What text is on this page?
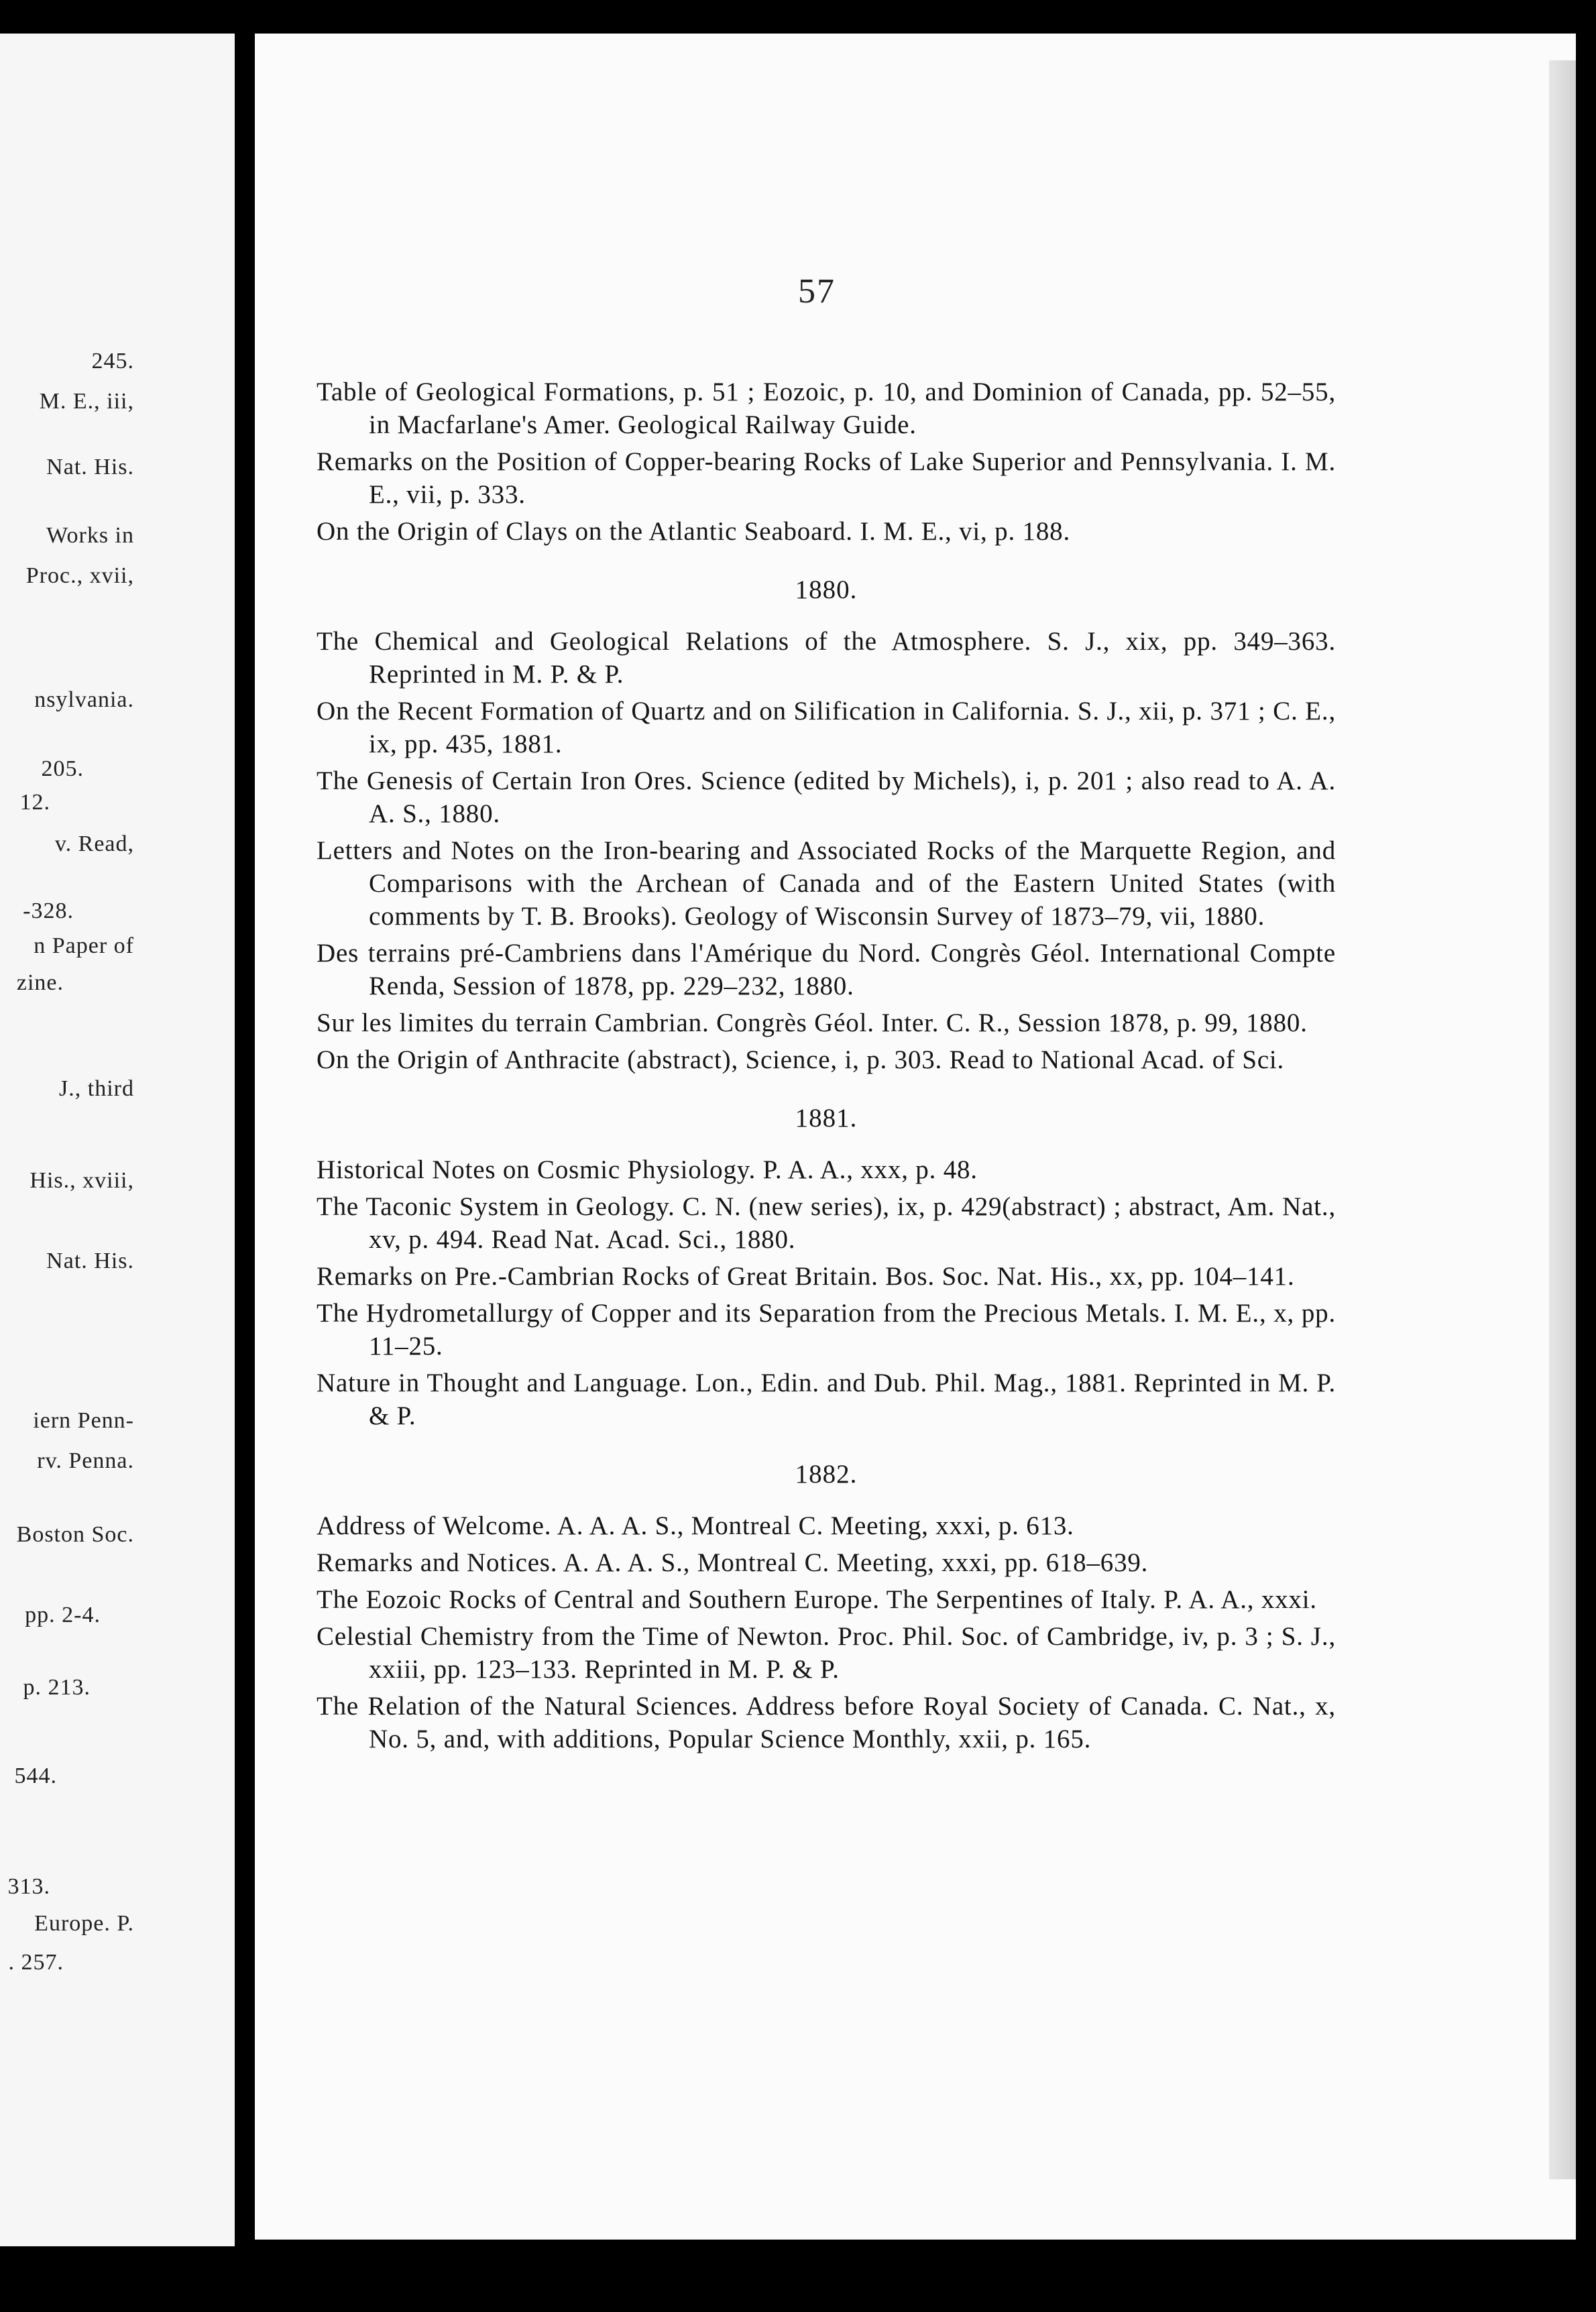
245.
M. E., iii,
Nat. His.
Works in
Proc., xvii,
nsylvania.
205.
12.
v. Read,
-328.
n Paper of
zine.
J., third
His., xviii,
Nat. His.
iern Penn-
rv. Penna.
Boston Soc.
pp. 2-4.
p. 213.
544.
313.
Europe. P.
. 257.
57

Table of Geological Formations, p. 51 ; Eozoic, p. 10, and Dominion of Canada, pp. 52–55, in Macfarlane's Amer. Geological Railway Guide.

Remarks on the Position of Copper-bearing Rocks of Lake Superior and Pennsylvania. I. M. E., vii, p. 333.

On the Origin of Clays on the Atlantic Seaboard. I. M. E., vi, p. 188.

1880.

The Chemical and Geological Relations of the Atmosphere. S. J., xix, pp. 349–363. Reprinted in M. P. & P.

On the Recent Formation of Quartz and on Silification in California. S. J., xii, p. 371 ; C. E., ix, pp. 435, 1881.

The Genesis of Certain Iron Ores. Science (edited by Michels), i, p. 201 ; also read to A. A. A. S., 1880.

Letters and Notes on the Iron-bearing and Associated Rocks of the Marquette Region, and Comparisons with the Archean of Canada and of the Eastern United States (with comments by T. B. Brooks). Geology of Wisconsin Survey of 1873–79, vii, 1880.

Des terrains pré-Cambriens dans l'Amérique du Nord. Congrès Géol. International Compte Renda, Session of 1878, pp. 229–232, 1880.

Sur les limites du terrain Cambrian. Congrès Géol. Inter. C. R., Session 1878, p. 99, 1880.

On the Origin of Anthracite (abstract), Science, i, p. 303. Read to National Acad. of Sci.

1881.

Historical Notes on Cosmic Physiology. P. A. A., xxx, p. 48.

The Taconic System in Geology. C. N. (new series), ix, p. 429(abstract) ; abstract, Am. Nat., xv, p. 494. Read Nat. Acad. Sci., 1880.

Remarks on Pre.-Cambrian Rocks of Great Britain. Bos. Soc. Nat. His., xx, pp. 104–141.

The Hydrometallurgy of Copper and its Separation from the Precious Metals. I. M. E., x, pp. 11–25.

Nature in Thought and Language. Lon., Edin. and Dub. Phil. Mag., 1881. Reprinted in M. P. & P.

1882.

Address of Welcome. A. A. A. S., Montreal C. Meeting, xxxi, p. 613.

Remarks and Notices. A. A. A. S., Montreal C. Meeting, xxxi, pp. 618–639.

The Eozoic Rocks of Central and Southern Europe. The Serpentines of Italy. P. A. A., xxxi.

Celestial Chemistry from the Time of Newton. Proc. Phil. Soc. of Cambridge, iv, p. 3 ; S. J., xxiii, pp. 123–133. Reprinted in M. P. & P.

The Relation of the Natural Sciences. Address before Royal Society of Canada. C. Nat., x, No. 5, and, with additions, Popular Science Monthly, xxii, p. 165.
